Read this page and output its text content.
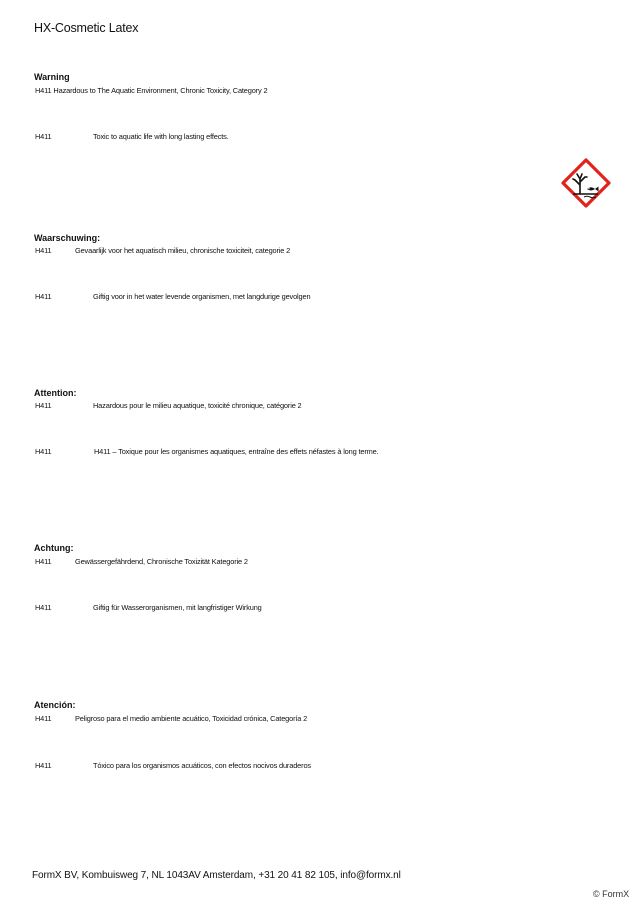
HX-Cosmetic Latex
Warning
H411 Hazardous to The Aquatic Environment, Chronic Toxicity, Category 2
H411	Toxic to aquatic life with long lasting effects.
Waarschuwing:
H411	Gevaarlijk voor het aquatisch milieu, chronische toxiciteit, categorie 2
H411	Giftig voor in het water levende organismen, met langdurige gevolgen
Attention:
H411	Hazardous pour le milieu aquatique, toxicité chronique, catégorie 2
H411	H411 – Toxique pour les organismes aquatiques, entraîne des effets néfastes à long terme.
Achtung:
H411	Gewässergefährdend, Chronische Toxizität Kategorie 2
H411	Giftig für Wasserorganismen, mit langfristiger Wirkung
Atención:
H411	Peligroso para el medio ambiente acuático, Toxicidad crónica, Categoría 2
H411	Tóxico para los organismos acuáticos, con efectos nocivos duraderos
FormX BV, Kombuisweg 7, NL 1043AV Amsterdam, +31 20 41 82 105, info@formx.nl
© FormX
